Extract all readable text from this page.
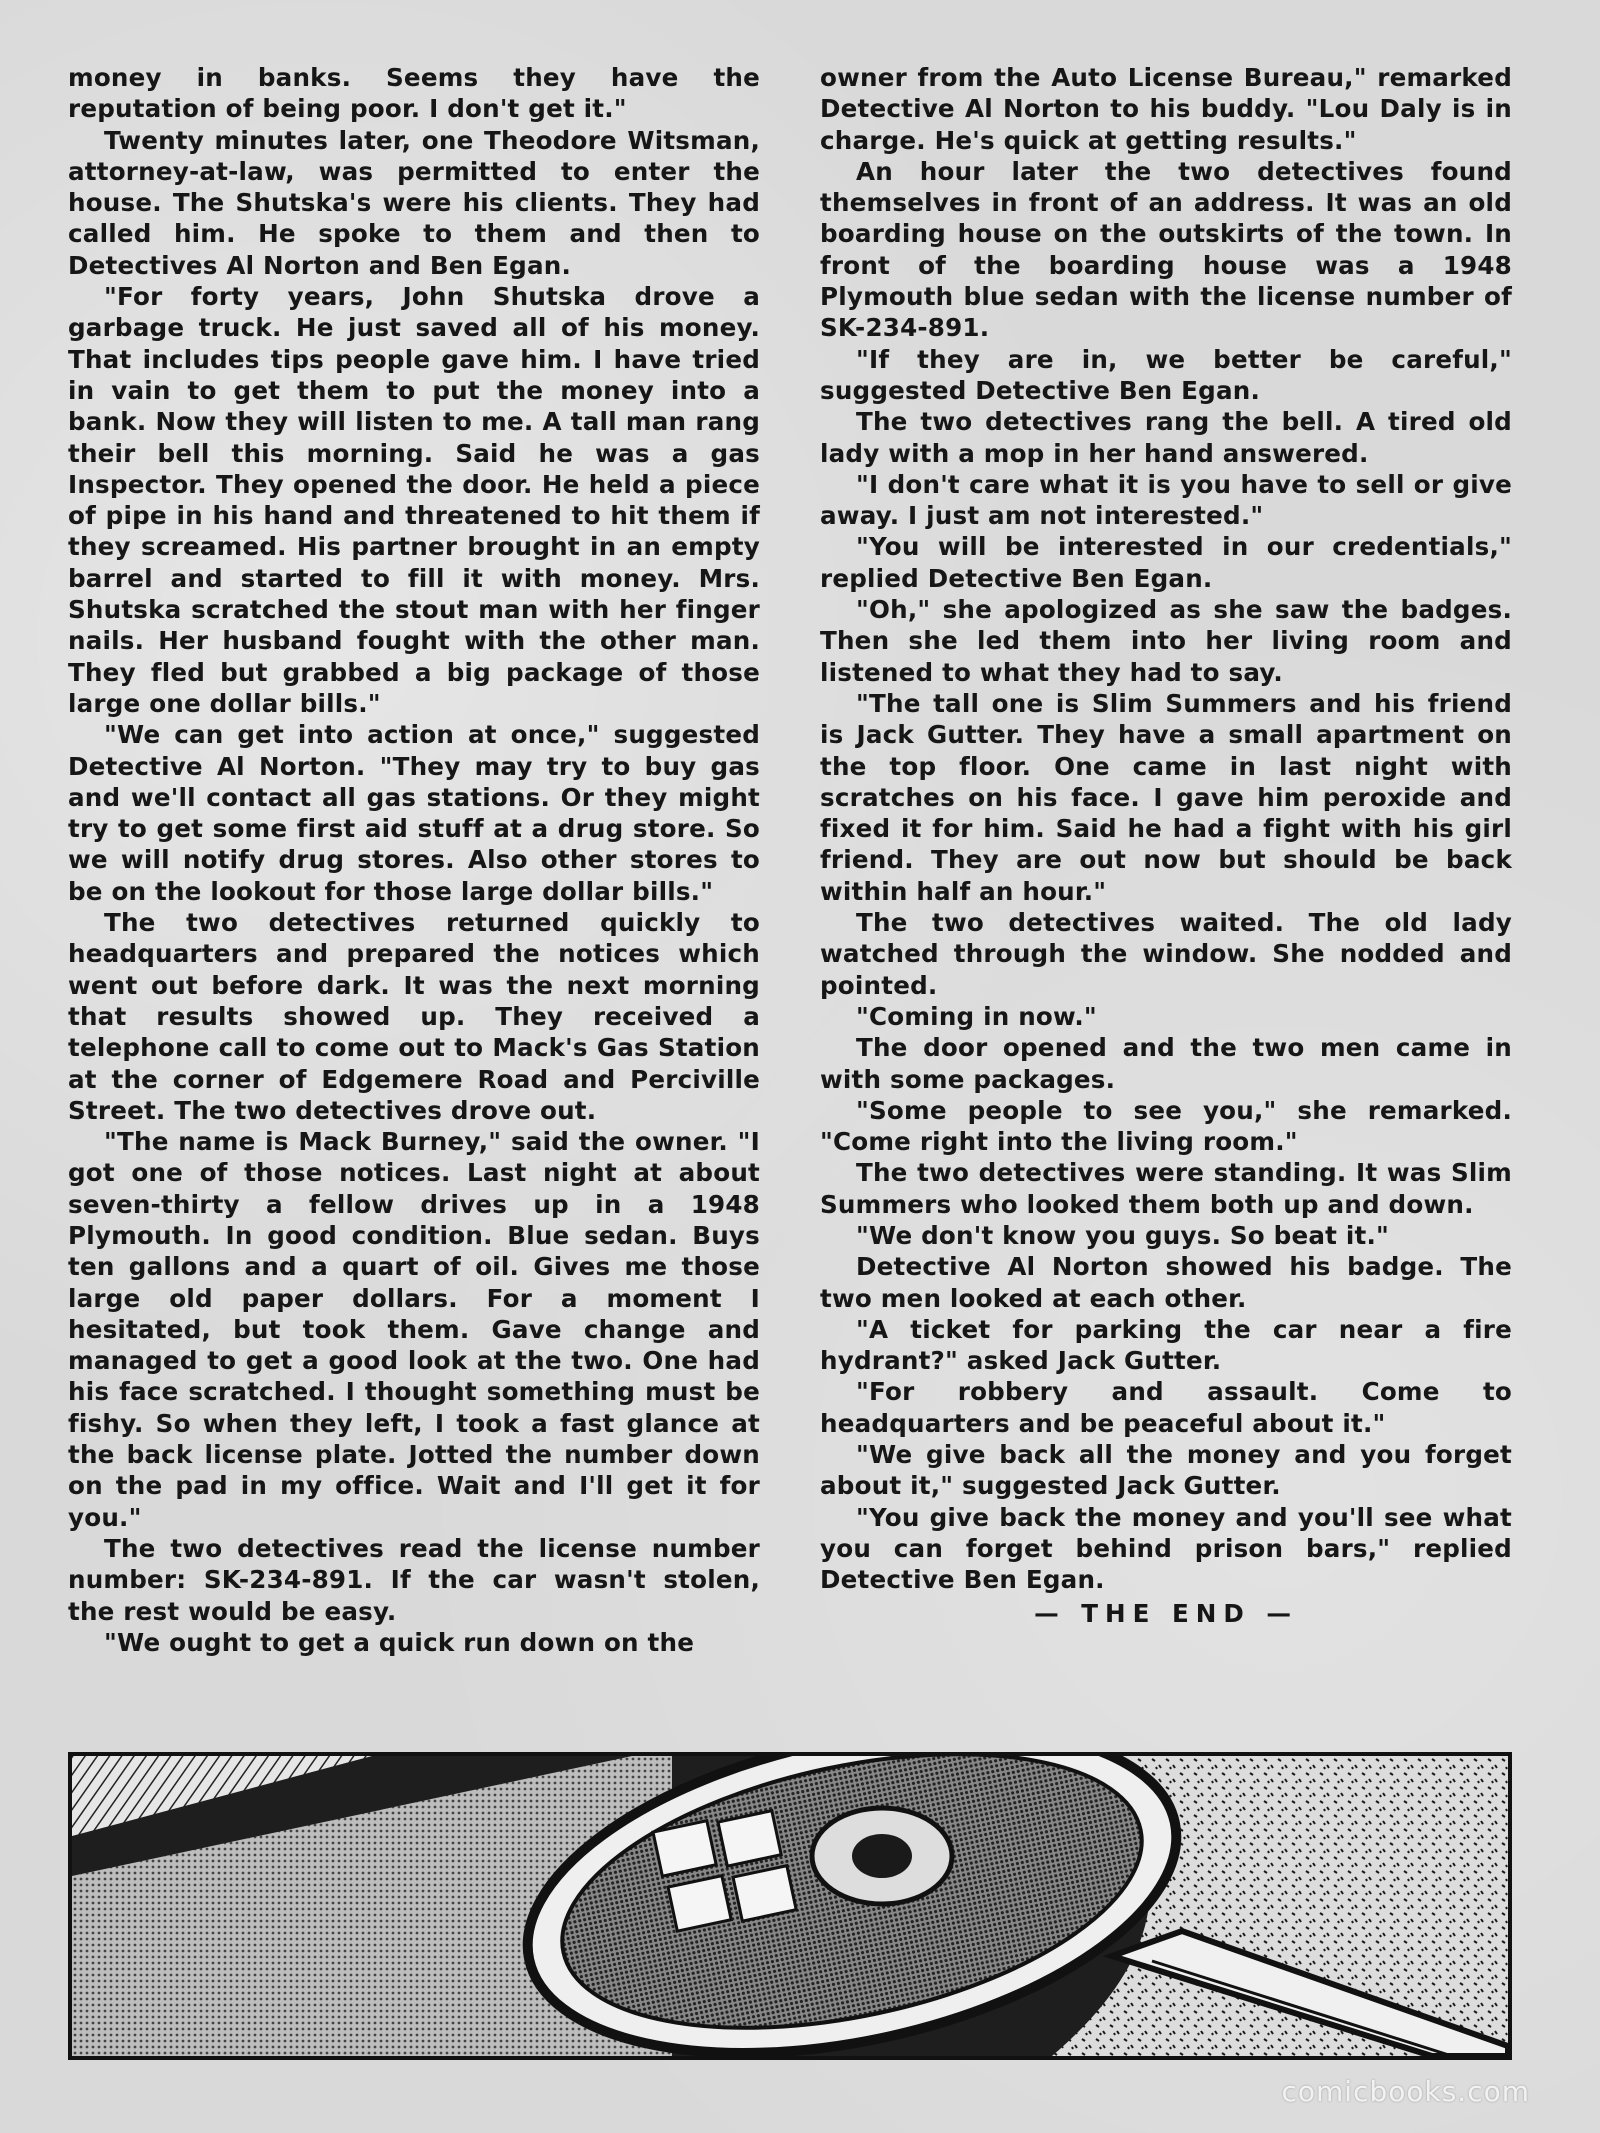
money in banks. Seems they have the reputation of being poor. I don't get it."

Twenty minutes later, one Theodore Witsman, attorney-at-law, was permitted to enter the house. The Shutska's were his clients. They had called him. He spoke to them and then to Detectives Al Norton and Ben Egan.

"For forty years, John Shutska drove a garbage truck. He just saved all of his money. That includes tips people gave him. I have tried in vain to get them to put the money into a bank. Now they will listen to me. A tall man rang their bell this morning. Said he was a gas Inspector. They opened the door. He held a piece of pipe in his hand and threatened to hit them if they screamed. His partner brought in an empty barrel and started to fill it with money. Mrs. Shutska scratched the stout man with her finger nails. Her husband fought with the other man. They fled but grabbed a big package of those large one dollar bills."

"We can get into action at once," suggested Detective Al Norton. "They may try to buy gas and we'll contact all gas stations. Or they might try to get some first aid stuff at a drug store. So we will notify drug stores. Also other stores to be on the lookout for those large dollar bills."

The two detectives returned quickly to headquarters and prepared the notices which went out before dark. It was the next morning that results showed up. They received a telephone call to come out to Mack's Gas Station at the corner of Edgemere Road and Perciville Street. The two detectives drove out.

"The name is Mack Burney," said the owner. "I got one of those notices. Last night at about seven-thirty a fellow drives up in a 1948 Plymouth. In good condition. Blue sedan. Buys ten gallons and a quart of oil. Gives me those large old paper dollars. For a moment I hesitated, but took them. Gave change and managed to get a good look at the two. One had his face scratched. I thought something must be fishy. So when they left, I took a fast glance at the back license plate. Jotted the number down on the pad in my office. Wait and I'll get it for you."

The two detectives read the license number number: SK-234-891. If the car wasn't stolen, the rest would be easy.

"We ought to get a quick run down on the

owner from the Auto License Bureau," remarked Detective Al Norton to his buddy. "Lou Daly is in charge. He's quick at getting results."

An hour later the two detectives found themselves in front of an address. It was an old boarding house on the outskirts of the town. In front of the boarding house was a 1948 Plymouth blue sedan with the license number of SK-234-891.

"If they are in, we better be careful," suggested Detective Ben Egan.

The two detectives rang the bell. A tired old lady with a mop in her hand answered.

"I don't care what it is you have to sell or give away. I just am not interested."

"You will be interested in our credentials," replied Detective Ben Egan.

"Oh," she apologized as she saw the badges. Then she led them into her living room and listened to what they had to say.

"The tall one is Slim Summers and his friend is Jack Gutter. They have a small apartment on the top floor. One came in last night with scratches on his face. I gave him peroxide and fixed it for him. Said he had a fight with his girl friend. They are out now but should be back within half an hour."

The two detectives waited. The old lady watched through the window. She nodded and pointed.

"Coming in now."

The door opened and the two men came in with some packages.

"Some people to see you," she remarked. "Come right into the living room."

The two detectives were standing. It was Slim Summers who looked them both up and down.

"We don't know you guys. So beat it."

Detective Al Norton showed his badge. The two men looked at each other.

"A ticket for parking the car near a fire hydrant?" asked Jack Gutter.

"For robbery and assault. Come to headquarters and be peaceful about it."

"We give back all the money and you forget about it," suggested Jack Gutter.

"You give back the money and you'll see what you can forget behind prison bars," replied Detective Ben Egan.

— THE END —

comicbooks.com
